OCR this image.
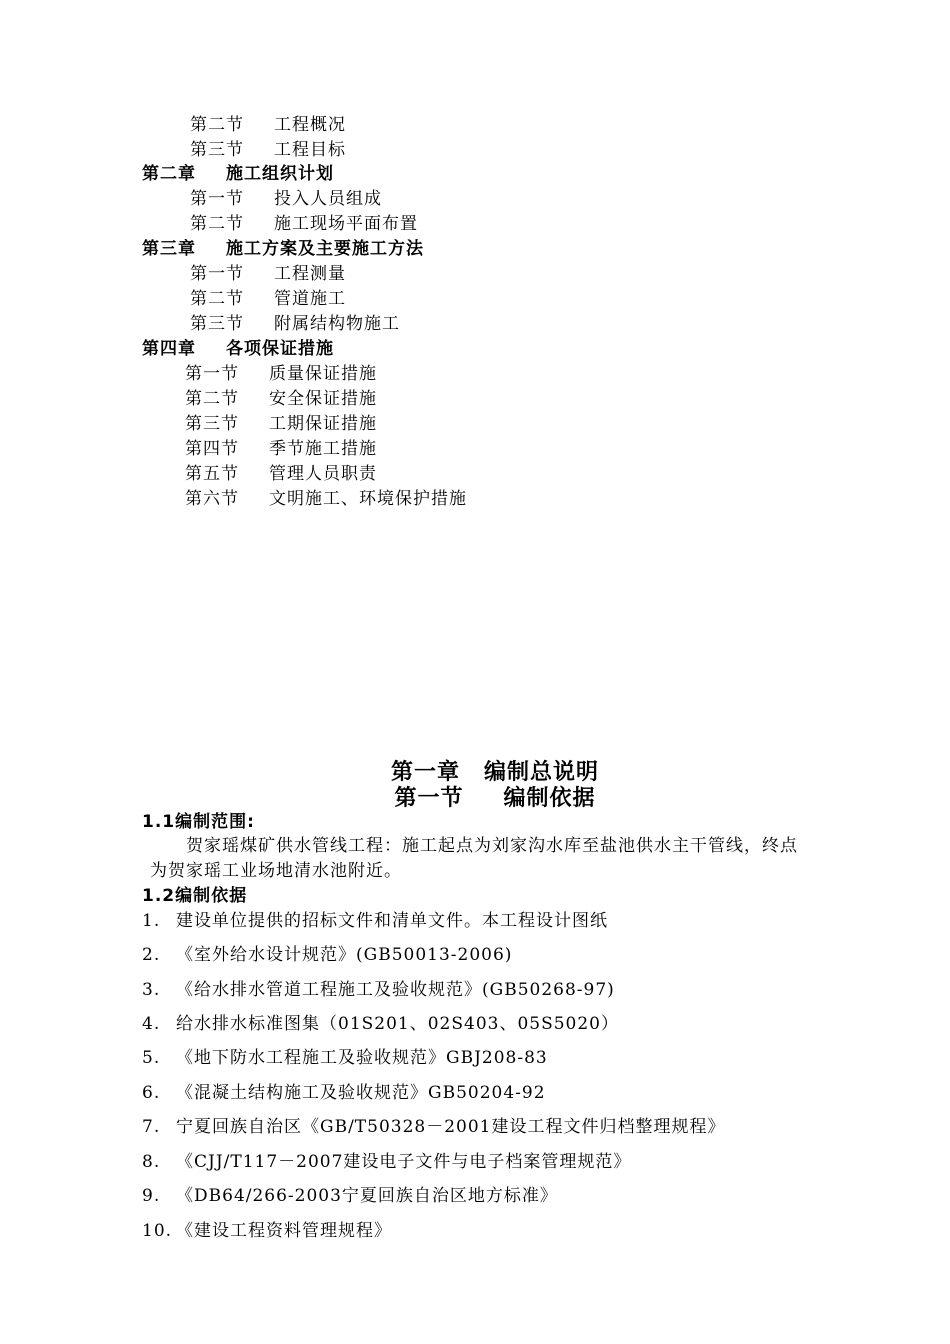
第二节 工程概况
第三节 工程目标
第二章 施工组织计划
第一节 投入人员组成
第二节 施工现场平面布置
第三章 施工方案及主要施工方法
第一节 工程测量
第二节 管道施工
第三节 附属结构物施工
第四章 各项保证措施
第一节 质量保证措施
第二节 安全保证措施
第三节 工期保证措施
第四节 季节施工措施
第五节 管理人员职责
第六节 文明施工、环境保护措施
第一章 编制总说明
第一节 编制依据
1.1编制范围:
贺家瑶煤矿供水管线工程：施工起点为刘家沟水库至盐池供水主干管线，终点
为贺家瑶工业场地清水池附近。
1.2编制依据
1. 建设单位提供的招标文件和清单文件。本工程设计图纸
2. 《室外给水设计规范》(GB50013-2006)
3. 《给水排水管道工程施工及验收规范》(GB50268-97)
4. 给水排水标准图集（01S201、02S403、05S5020）
5. 《地下防水工程施工及验收规范》GBJ208-83
6. 《混凝土结构施工及验收规范》GB50204-92
7. 宁夏回族自治区《GB/T50328－2001建设工程文件归档整理规程》
8. 《CJJ/T117－2007建设电子文件与电子档案管理规范》
9. 《DB64/266-2003宁夏回族自治区地方标准》
10. 《建设工程资料管理规程》
